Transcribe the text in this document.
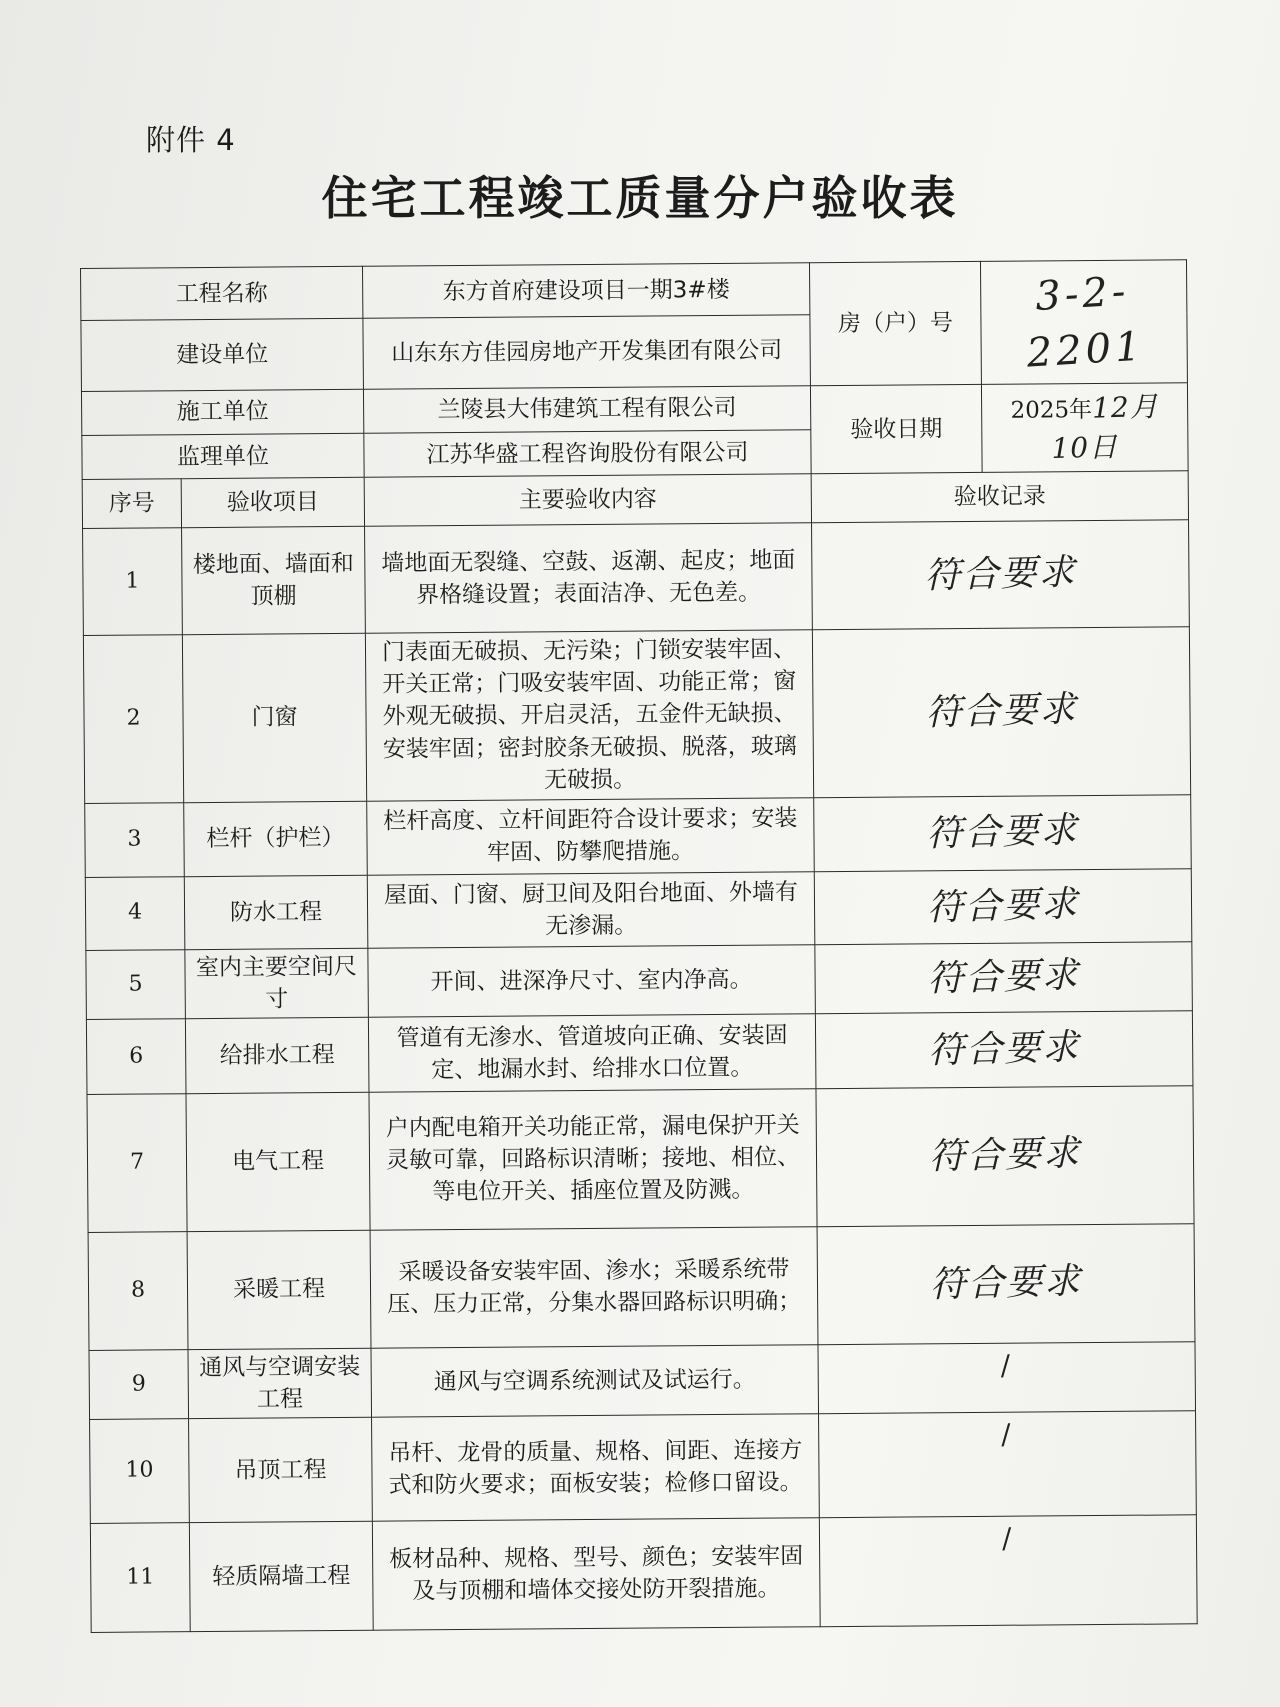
附件 4
住宅工程竣工质量分户验收表
工程名称		东方首府建设项目一期3#楼	房（户）号	3-2-2201
建设单位		山东东方佳园房地产开发集团有限公司		
施工单位		兰陵县大伟建筑工程有限公司	验收日期	2025年12月10日
监理单位		江苏华盛工程咨询股份有限公司		
序号	验收项目	主要验收内容	验收记录	
1	楼地面、墙面和顶棚	墙地面无裂缝、空鼓、返潮、起皮；地面界格缝设置；表面洁净、无色差。	符合要求	
2	门窗	门表面无破损、无污染；门锁安装牢固、开关正常；门吸安装牢固、功能正常；窗外观无破损、开启灵活，五金件无缺损、 安装牢固；密封胶条无破损、脱落，玻璃无破损。	符合要求	
3	栏杆（护栏）	栏杆高度、立杆间距符合设计要求；安装牢固、防攀爬措施。	符合要求	
4	防水工程	屋面、门窗、厨卫间及阳台地面、外墙有无渗漏。	符合要求	
5	室内主要空间尺寸	开间、进深净尺寸、室内净高。	符合要求	
6	给排水工程	管道有无渗水、管道坡向正确、安装固定、地漏水封、给排水口位置。	符合要求	
7	电气工程	户内配电箱开关功能正常，漏电保护开关灵敏可靠，回路标识清晰；接地、相位、等电位开关、插座位置及防溅。	符合要求	
8	采暖工程	采暖设备安装牢固、渗水；采暖系统带压、压力正常，分集水器回路标识明确；	符合要求	
9	通风与空调安装工程	通风与空调系统测试及试运行。	/	
10	吊顶工程	吊杆、龙骨的质量、规格、间距、连接方式和防火要求；面板安装；检修口留设。	/	
11	轻质隔墙工程	板材品种、规格、型号、颜色；安装牢固及与顶棚和墙体交接处防开裂措施。	/	
